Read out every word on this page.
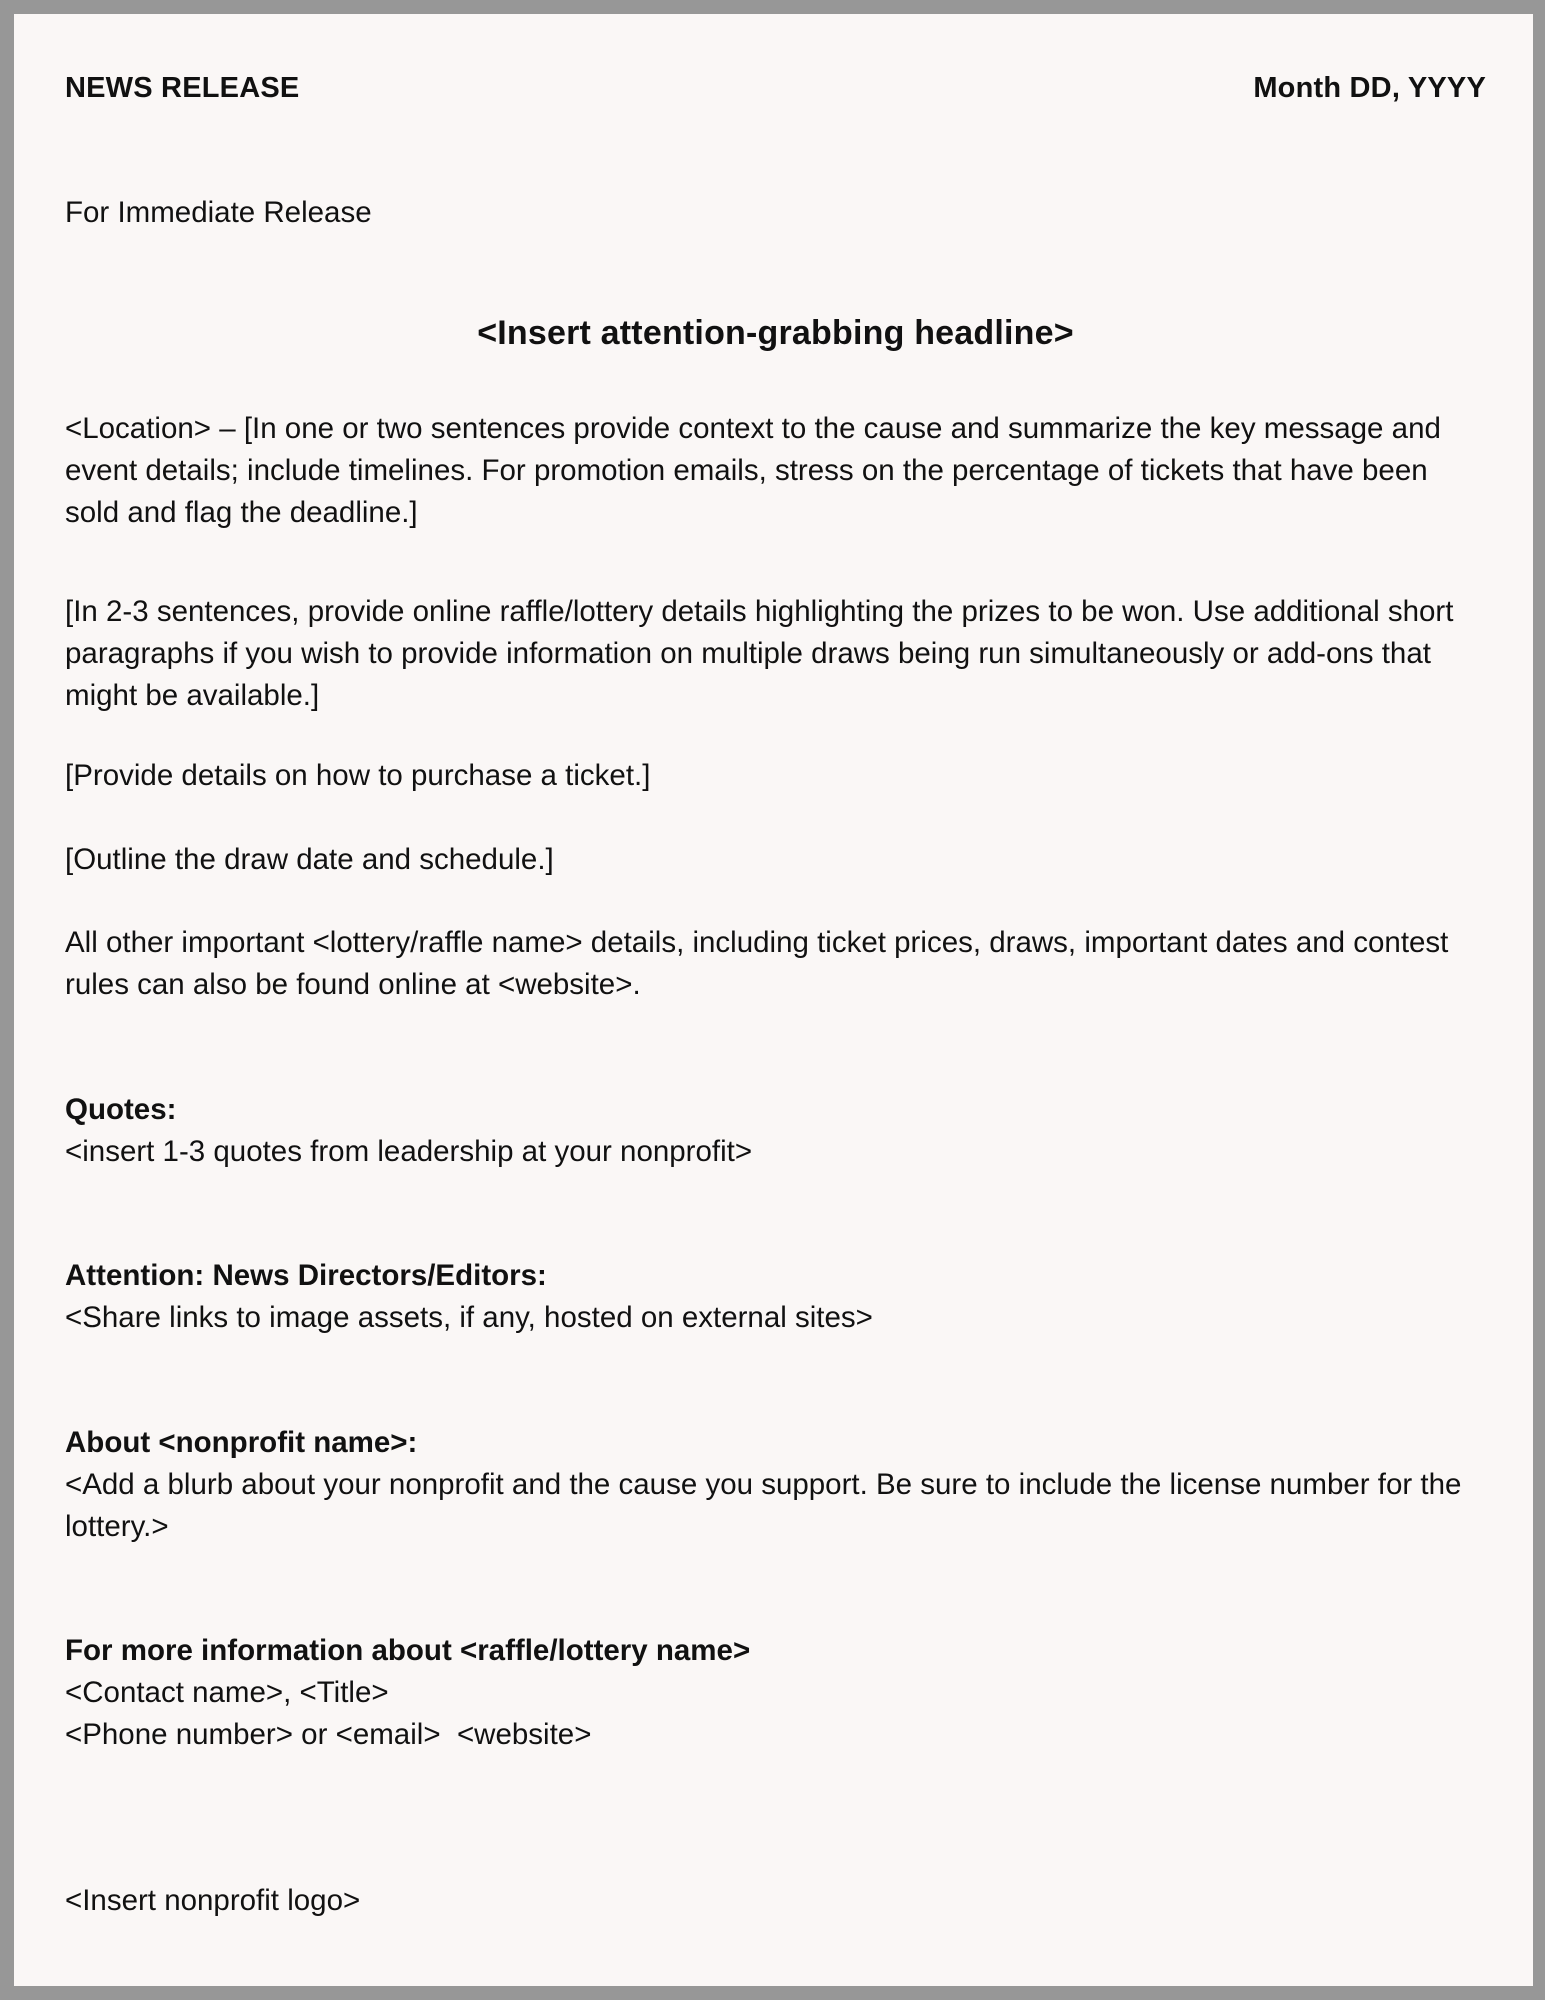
NEWS RELEASE	Month DD, YYYY

For Immediate Release

<Insert attention-grabbing headline>

<Location> – [In one or two sentences provide context to the cause and summarize the key message and event details; include timelines. For promotion emails, stress on the percentage of tickets that have been sold and flag the deadline.]

[In 2-3 sentences, provide online raffle/lottery details highlighting the prizes to be won. Use additional short paragraphs if you wish to provide information on multiple draws being run simultaneously or add-ons that might be available.]

[Provide details on how to purchase a ticket.]

[Outline the draw date and schedule.]

All other important <lottery/raffle name> details, including ticket prices, draws, important dates and contest rules can also be found online at <website>.

Quotes:

<insert 1-3 quotes from leadership at your nonprofit>

Attention: News Directors/Editors:

<Share links to image assets, if any, hosted on external sites>

About <nonprofit name>:

<Add a blurb about your nonprofit and the cause you support. Be sure to include the license number for the lottery.>

For more information about <raffle/lottery name>

<Contact name>, <Title>

<Phone number> or <email>  <website>

<Insert nonprofit logo>
